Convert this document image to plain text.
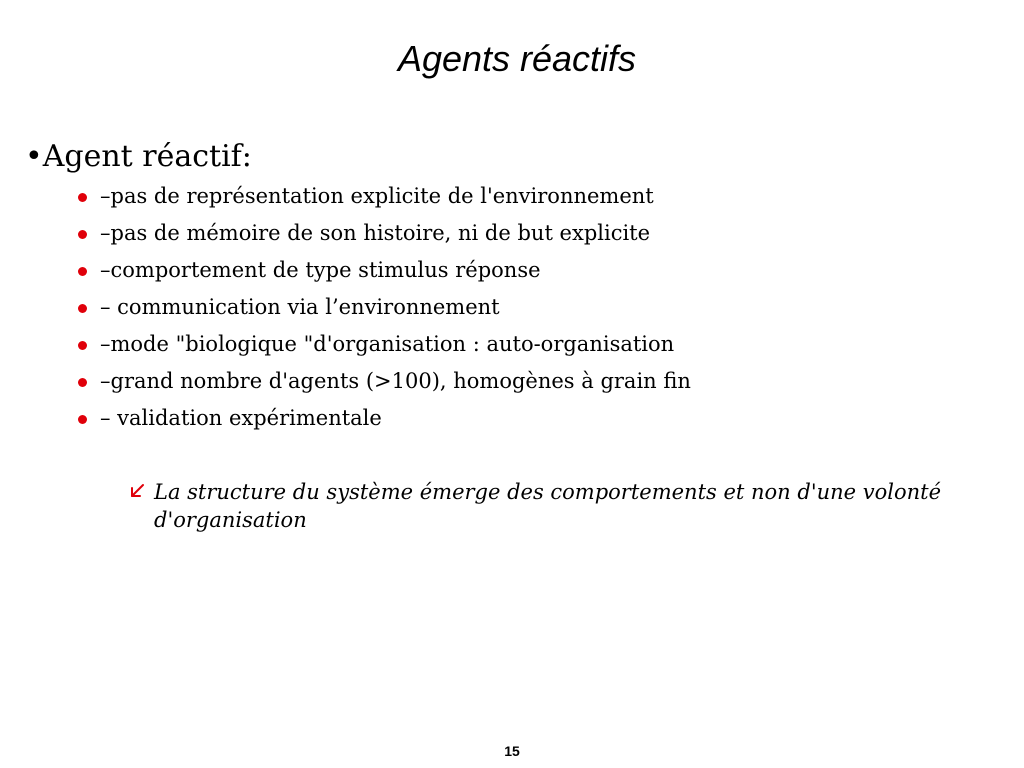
Agents réactifs
•Agent réactif:
–pas de représentation explicite de l'environnement
–pas de mémoire de son histoire, ni de but explicite
–comportement de type stimulus réponse
– communication via l’environnement
–mode "biologique "d'organisation : auto-organisation
–grand nombre d'agents (>100), homogènes à grain fin
– validation expérimentale

La structure du système émerge des comportements et non d'une volonté d'organisation

15
